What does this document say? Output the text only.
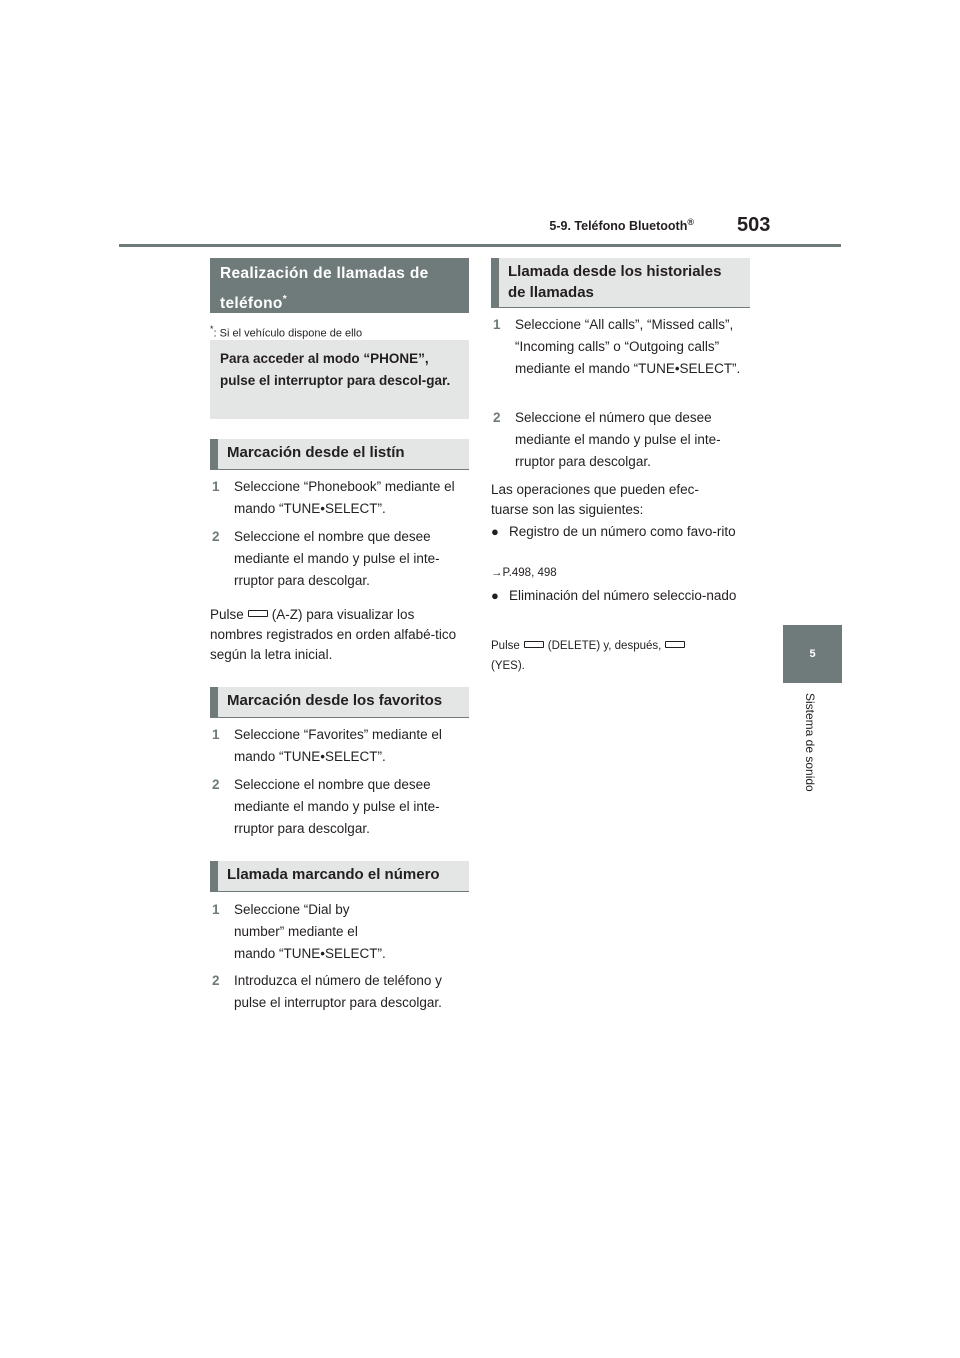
5-9. Teléfono Bluetooth® 503
5
Sistema de sonido
Realización de llamadas de teléfono*
*: Si el vehículo dispone de ello
Para acceder al modo “PHONE”, pulse el interruptor para descol-gar.
Marcación desde el listín
1	Seleccione “Phonebook” mediante el mando “TUNE•SELECT”.
2	Seleccione el nombre que desee mediante el mando y pulse el inte-rruptor para descolgar.
Pulse (A-Z) para visualizar los nombres registrados en orden alfabé-tico según la letra inicial.
Marcación desde los favoritos
1	Seleccione “Favorites” mediante el mando “TUNE•SELECT”.
2	Seleccione el nombre que desee mediante el mando y pulse el inte-rruptor para descolgar.
Llamada marcando el número
1	Seleccione “Dial by number” mediante el mando “TUNE•SELECT”.
2	Introduzca el número de teléfono y pulse el interruptor para descolgar.
Llamada desde los historiales de llamadas
1	Seleccione “All calls”, “Missed calls”, “Incoming calls” o “Outgoing calls” mediante el mando “TUNE•SELECT”.
2	Seleccione el número que desee mediante el mando y pulse el inte-rruptor para descolgar.
Las operaciones que pueden efec-tuarse son las siguientes:
● Registro de un número como favo-rito
→P.498, 498
● Eliminación del número seleccio-nado
Pulse (DELETE) y, después,
(YES).
